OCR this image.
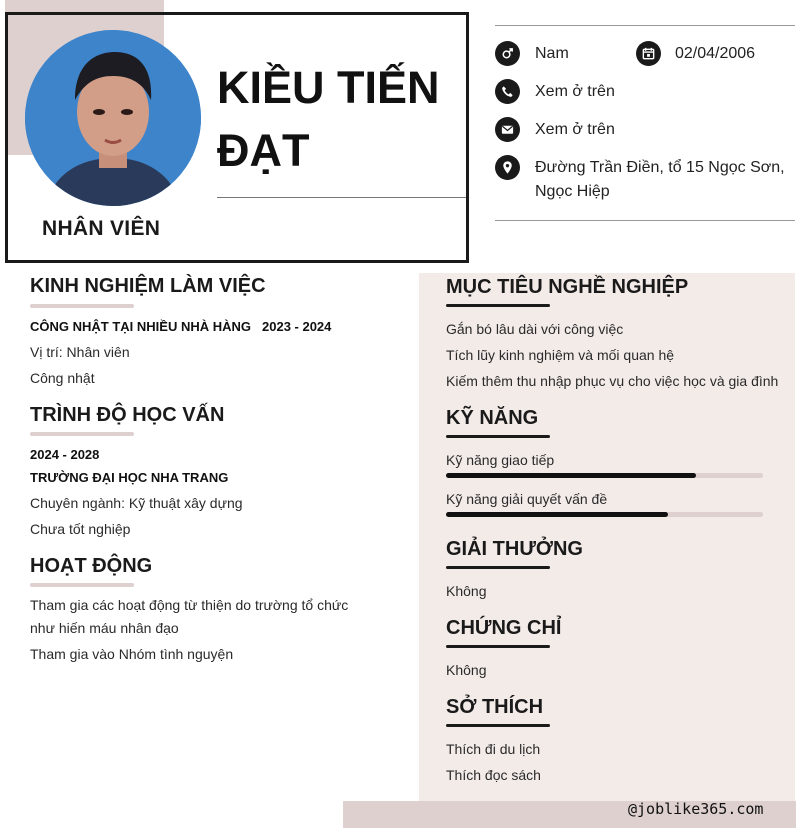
KIỀU TIẾN
ĐẠT
NHÂN VIÊN
Nam	02/04/2006
Xem ở trên
Xem ở trên
Đường Trần Điền, tổ 15 Ngọc Sơn,
Ngọc Hiệp
KINH NGHIỆM LÀM VIỆC
CÔNG NHẬT TẠI NHIỀU NHÀ HÀNG 2023 - 2024
Vị trí: Nhân viên
Công nhật
TRÌNH ĐỘ HỌC VẤN
2024 - 2028
TRƯỜNG ĐẠI HỌC NHA TRANG
Chuyên ngành: Kỹ thuật xây dựng
Chưa tốt nghiệp
HOẠT ĐỘNG
Tham gia các hoạt động từ thiện do trường tổ chức như hiến máu nhân đạo
Tham gia vào Nhóm tình nguyện
MỤC TIÊU NGHỀ NGHIỆP
Gắn bó lâu dài với công việc
Tích lũy kinh nghiệm và mối quan hệ
Kiếm thêm thu nhập phục vụ cho việc học và gia đình
KỸ NĂNG
Kỹ năng giao tiếp
Kỹ năng giải quyết vấn đề
GIẢI THƯỞNG
Không
CHỨNG CHỈ
Không
SỞ THÍCH
Thích đi du lịch
Thích đọc sách
@joblike365.com
